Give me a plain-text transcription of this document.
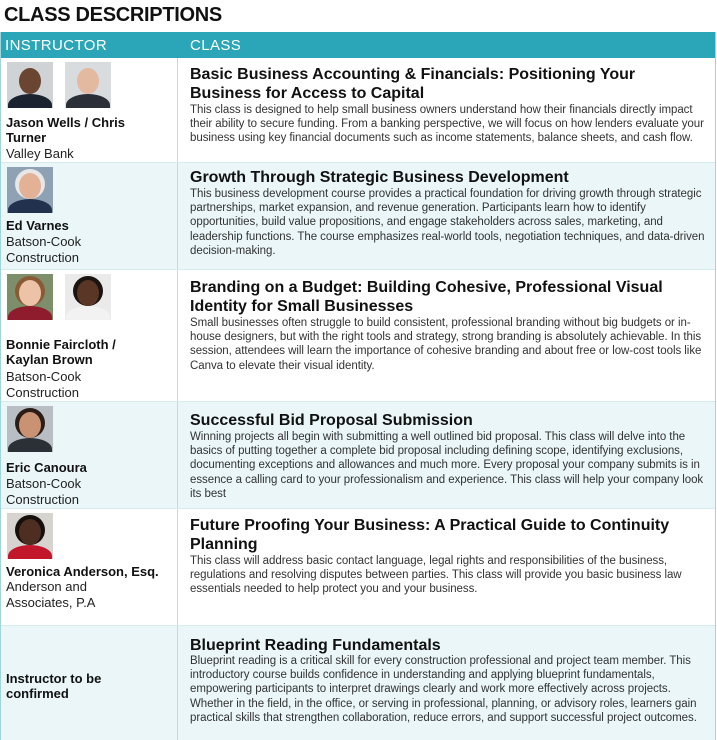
CLASS DESCRIPTIONS
INSTRUCTOR	CLASS
Jason Wells / Chris Turner
Valley Bank
Basic Business Accounting & Financials: Positioning Your Business for Access to Capital
This class is designed to help small business owners understand how their financials directly impact their ability to secure funding. From a banking perspective, we will focus on how lenders evaluate your business using key financial documents such as income statements, balance sheets, and cash flow.
Ed Varnes
Batson-Cook Construction
Growth Through Strategic Business Development
This business development course provides a practical foundation for driving growth through strategic partnerships, market expansion, and revenue generation. Participants learn how to identify opportunities, build value propositions, and engage stakeholders across sales, marketing, and leadership functions. The course emphasizes real-world tools, negotiation techniques, and data-driven decision-making.
Bonnie Faircloth / Kaylan Brown
Batson-Cook Construction
Branding on a Budget: Building Cohesive, Professional Visual Identity for Small Businesses
Small businesses often struggle to build consistent, professional branding without big budgets or in-house designers, but with the right tools and strategy, strong branding is absolutely achievable. In this session, attendees will learn the importance of cohesive branding and about free or low-cost tools like Canva to elevate their visual identity.
Eric Canoura
Batson-Cook Construction
Successful Bid Proposal Submission
Winning projects all begin with submitting a well outlined bid proposal. This class will delve into the basics of putting together a complete bid proposal including defining scope, identifying exclusions, documenting exceptions and allowances and much more. Every proposal your company submits is in essence a calling card to your professionalism and experience. This class will help your company look its best
Veronica Anderson, Esq.
Anderson and Associates, P.A
Future Proofing Your Business: A Practical Guide to Continuity Planning
This class will address basic contact language, legal rights and responsibilities of the business, regulations and resolving disputes between parties. This class will provide you basic business law essentials needed to help protect you and your business.
Instructor to be confirmed
Blueprint Reading Fundamentals
Blueprint reading is a critical skill for every construction professional and project team member. This introductory course builds confidence in understanding and applying blueprint fundamentals, empowering participants to interpret drawings clearly and work more effectively across projects. Whether in the field, in the office, or serving in professional, planning, or advisory roles, learners gain practical skills that strengthen collaboration, reduce errors, and support successful project outcomes.
